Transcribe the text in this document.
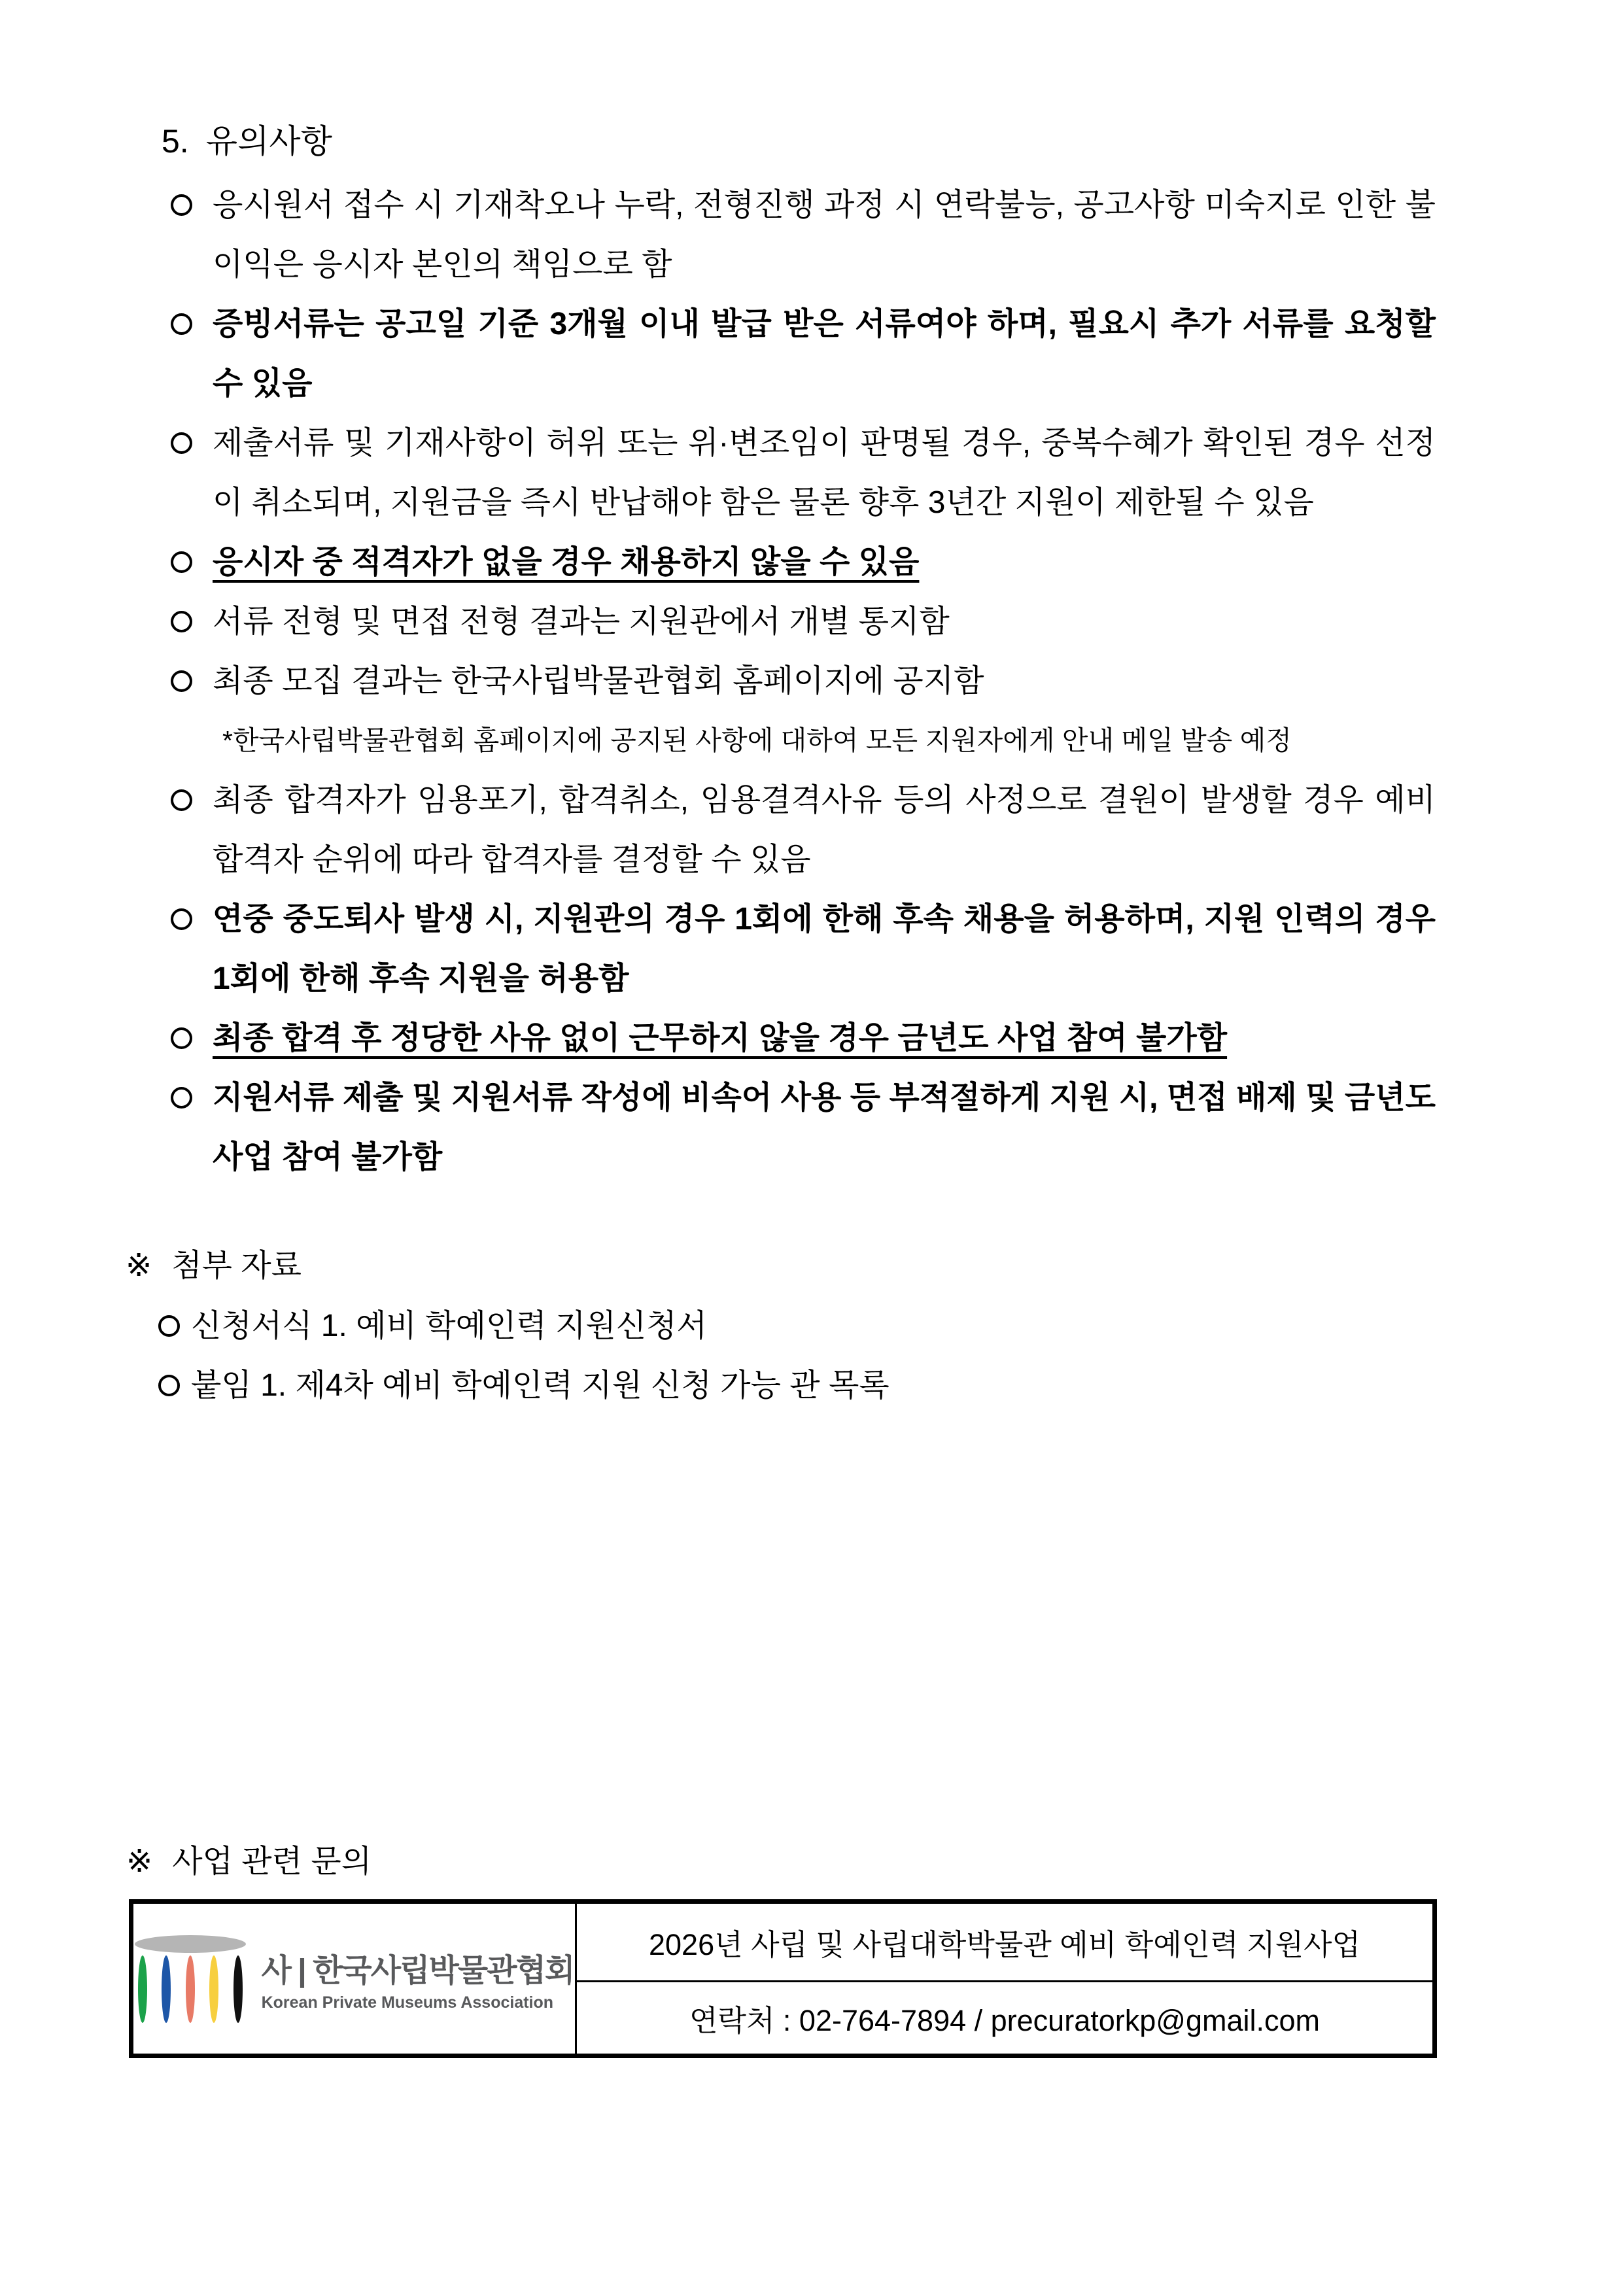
5. 유의사항
응시원서 접수 시 기재착오나 누락, 전형진행 과정 시 연락불능, 공고사항 미숙지로 인한 불이익은 응시자 본인의 책임으로 함
증빙서류는 공고일 기준 3개월 이내 발급 받은 서류여야 하며, 필요시 추가 서류를 요청할 수 있음
제출서류 및 기재사항이 허위 또는 위·변조임이 판명될 경우, 중복수혜가 확인된 경우 선정이 취소되며, 지원금을 즉시 반납해야 함은 물론 향후 3년간 지원이 제한될 수 있음
응시자 중 적격자가 없을 경우 채용하지 않을 수 있음
서류 전형 및 면접 전형 결과는 지원관에서 개별 통지함
최종 모집 결과는 한국사립박물관협회 홈페이지에 공지함
*한국사립박물관협회 홈페이지에 공지된 사항에 대하여 모든 지원자에게 안내 메일 발송 예정
최종 합격자가 임용포기, 합격취소, 임용결격사유 등의 사정으로 결원이 발생할 경우 예비 합격자 순위에 따라 합격자를 결정할 수 있음
연중 중도퇴사 발생 시, 지원관의 경우 1회에 한해 후속 채용을 허용하며, 지원 인력의 경우 1회에 한해 후속 지원을 허용함
최종 합격 후 정당한 사유 없이 근무하지 않을 경우 금년도 사업 참여 불가함
지원서류 제출 및 지원서류 작성에 비속어 사용 등 부적절하게 지원 시, 면접 배제 및 금년도 사업 참여 불가함
※ 첨부 자료
신청서식 1. 예비 학예인력 지원신청서
붙임 1. 제4차 예비 학예인력 지원 신청 가능 관 목록
※ 사업 관련 문의
사 | 한국사립박물관협회
Korean Private Museums Association
2026년 사립 및 사립대학박물관 예비 학예인력 지원사업
연락처 : 02-764-7894 / precuratorkp@gmail.com
